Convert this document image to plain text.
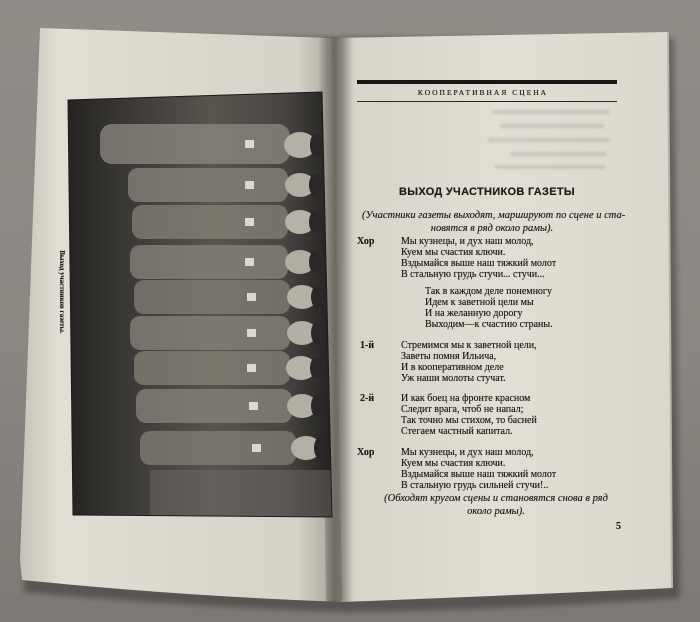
Выход участников газеты.
КООПЕРАТИВНАЯ СЦЕНА
ВЫХОД УЧАСТНИКОВ ГАЗЕТЫ
(Участники газеты выходят, маршируют по сцене и ста-
новятся в ряд около рамы).
Хор	Мы кузнецы, и дух наш молод,
Куем мы счастия ключи.
Вздымайся выше наш тяжкий молот
В стальную грудь стучи... стучи...
Так в каждом деле понемногу
Идем к заветной цели мы
И на желанную дорогу
Выходим—к счастию страны.
1-й	Стремимся мы к заветной цели,
Заветы помня Ильича,
И в кооперативном деле
Уж наши молоты стучат.
2-й	И как боец на фронте красном
Следит врага, чтоб не напал;
Так точно мы стихом, то басней
Стегаем частный капитал.
Хор	Мы кузнецы, и дух наш молод,
Куем мы счастия ключи.
Вздымайся выше наш тяжкий молот
В стальную грудь сильней стучи!..
(Обходят кругом сцены и становятся снова в ряд
около рамы).
5
